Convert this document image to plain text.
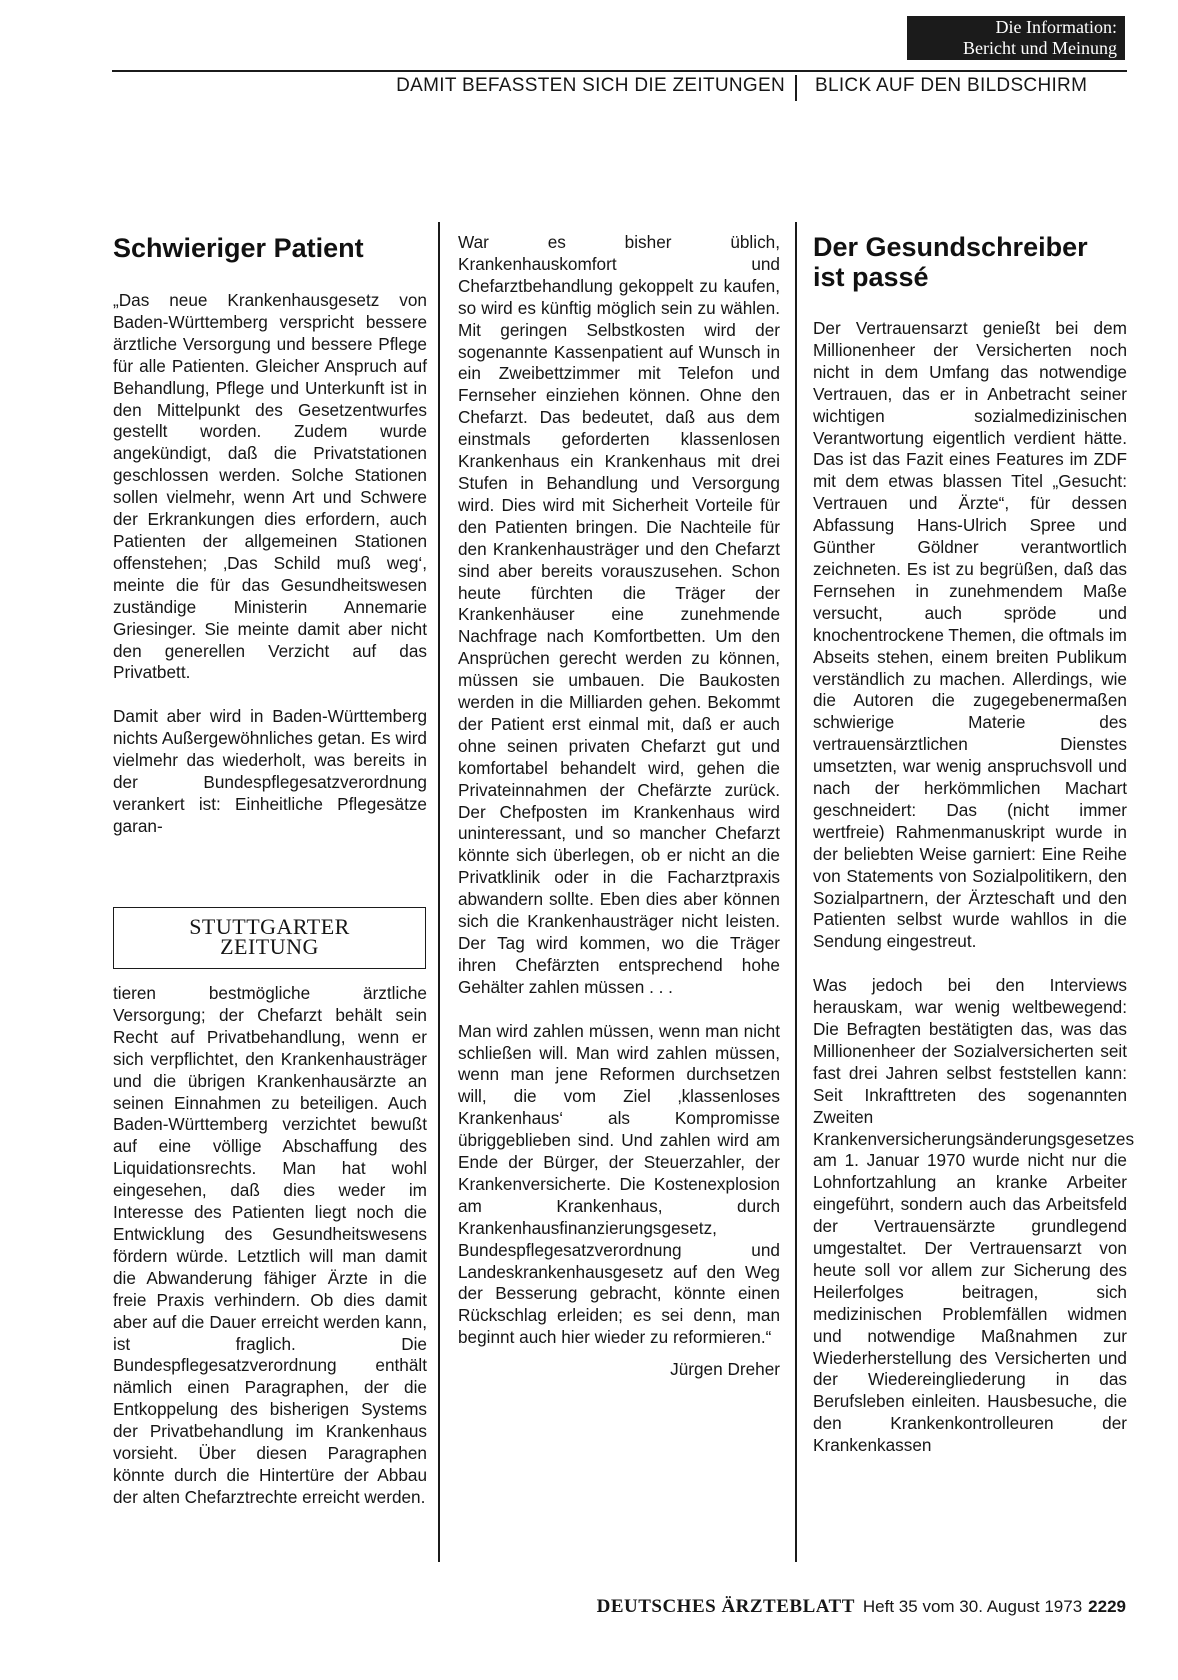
Die Information:
Bericht und Meinung
DAMIT BEFASSTEN SICH DIE ZEITUNGEN BLICK AUF DEN BILDSCHIRM
Schwieriger Patient

„Das neue Krankenhausgesetz von Baden-Württemberg verspricht bessere ärztliche Versorgung und bessere Pflege für alle Patienten. Gleicher Anspruch auf Behandlung, Pflege und Unterkunft ist in den Mittelpunkt des Gesetzentwurfes gestellt worden. Zudem wurde angekündigt, daß die Privatstationen geschlossen werden. Solche Stationen sollen vielmehr, wenn Art und Schwere der Erkrankungen dies erfordern, auch Patienten der allgemeinen Stationen offenstehen; ‚Das Schild muß weg‘, meinte die für das Gesundheitswesen zuständige Ministerin Annemarie Griesinger. Sie meinte damit aber nicht den generellen Verzicht auf das Privatbett.

Damit aber wird in Baden-Württemberg nichts Außergewöhnliches getan. Es wird vielmehr das wiederholt, was bereits in der Bundespflegesatzverordnung verankert ist: Einheitliche Pflegesätze garan-

STUTTGARTER
ZEITUNG

tieren bestmögliche ärztliche Versorgung; der Chefarzt behält sein Recht auf Privatbehandlung, wenn er sich verpflichtet, den Krankenhausträger und die übrigen Krankenhausärzte an seinen Einnahmen zu beteiligen. Auch Baden-Württemberg verzichtet bewußt auf eine völlige Abschaffung des Liquidationsrechts. Man hat wohl eingesehen, daß dies weder im Interesse des Patienten liegt noch die Entwicklung des Gesundheitswesens fördern würde. Letztlich will man damit die Abwanderung fähiger Ärzte in die freie Praxis verhindern. Ob dies damit aber auf die Dauer erreicht werden kann, ist fraglich. Die Bundespflegesatzverordnung enthält nämlich einen Paragraphen, der die Entkoppelung des bisherigen Systems der Privatbehandlung im Krankenhaus vorsieht. Über diesen Paragraphen könnte durch die Hintertüre der Abbau der alten Chefarztrechte erreicht werden.

War es bisher üblich, Krankenhauskomfort und Chefarztbehandlung gekoppelt zu kaufen, so wird es künftig möglich sein zu wählen. Mit geringen Selbstkosten wird der sogenannte Kassenpatient auf Wunsch in ein Zweibettzimmer mit Telefon und Fernseher einziehen können. Ohne den Chefarzt. Das bedeutet, daß aus dem einstmals geforderten klassenlosen Krankenhaus ein Krankenhaus mit drei Stufen in Behandlung und Versorgung wird. Dies wird mit Sicherheit Vorteile für den Patienten bringen. Die Nachteile für den Krankenhausträger und den Chefarzt sind aber bereits vorauszusehen. Schon heute fürchten die Träger der Krankenhäuser eine zunehmende Nachfrage nach Komfortbetten. Um den Ansprüchen gerecht werden zu können, müssen sie umbauen. Die Baukosten werden in die Milliarden gehen. Bekommt der Patient erst einmal mit, daß er auch ohne seinen privaten Chefarzt gut und komfortabel behandelt wird, gehen die Privateinnahmen der Chefärzte zurück. Der Chefposten im Krankenhaus wird uninteressant, und so mancher Chefarzt könnte sich überlegen, ob er nicht an die Privatklinik oder in die Facharztpraxis abwandern sollte. Eben dies aber können sich die Krankenhausträger nicht leisten. Der Tag wird kommen, wo die Träger ihren Chefärzten entsprechend hohe Gehälter zahlen müssen . . .

Man wird zahlen müssen, wenn man nicht schließen will. Man wird zahlen müssen, wenn man jene Reformen durchsetzen will, die vom Ziel ‚klassenloses Krankenhaus‘ als Kompromisse übriggeblieben sind. Und zahlen wird am Ende der Bürger, der Steuerzahler, der Krankenversicherte. Die Kostenexplosion am Krankenhaus, durch Krankenhausfinanzierungsgesetz, Bundespflegesatzverordnung und Landeskrankenhausgesetz auf den Weg der Besserung gebracht, könnte einen Rückschlag erleiden; es sei denn, man beginnt auch hier wieder zu reformieren.“

Jürgen Dreher

Der Gesundschreiber
ist passé

Der Vertrauensarzt genießt bei dem Millionenheer der Versicherten noch nicht in dem Umfang das notwendige Vertrauen, das er in Anbetracht seiner wichtigen sozialmedizinischen Verantwortung eigentlich verdient hätte. Das ist das Fazit eines Features im ZDF mit dem etwas blassen Titel „Gesucht: Vertrauen und Ärzte“, für dessen Abfassung Hans-Ulrich Spree und Günther Göldner verantwortlich zeichneten. Es ist zu begrüßen, daß das Fernsehen in zunehmendem Maße versucht, auch spröde und knochentrockene Themen, die oftmals im Abseits stehen, einem breiten Publikum verständlich zu machen. Allerdings, wie die Autoren die zugegebenermaßen schwierige Materie des vertrauensärztlichen Dienstes umsetzten, war wenig anspruchsvoll und nach der herkömmlichen Machart geschneidert: Das (nicht immer wertfreie) Rahmenmanuskript wurde in der beliebten Weise garniert: Eine Reihe von Statements von Sozialpolitikern, den Sozialpartnern, der Ärzteschaft und den Patienten selbst wurde wahllos in die Sendung eingestreut.

Was jedoch bei den Interviews herauskam, war wenig weltbewegend: Die Befragten bestätigten das, was das Millionenheer der Sozialversicherten seit fast drei Jahren selbst feststellen kann: Seit Inkrafttreten des sogenannten Zweiten Krankenversicherungsänderungsgesetzes am 1. Januar 1970 wurde nicht nur die Lohnfortzahlung an kranke Arbeiter eingeführt, sondern auch das Arbeitsfeld der Vertrauensärzte grundlegend umgestaltet. Der Vertrauensarzt von heute soll vor allem zur Sicherung des Heilerfolges beitragen, sich medizinischen Problemfällen widmen und notwendige Maßnahmen zur Wiederherstellung des Versicherten und der Wiedereingliederung in das Berufsleben einleiten. Hausbesuche, die den Krankenkontrolleuren der Krankenkassen

DEUTSCHES ÄRZTEBLATT Heft 35 vom 30. August 1973 2229
